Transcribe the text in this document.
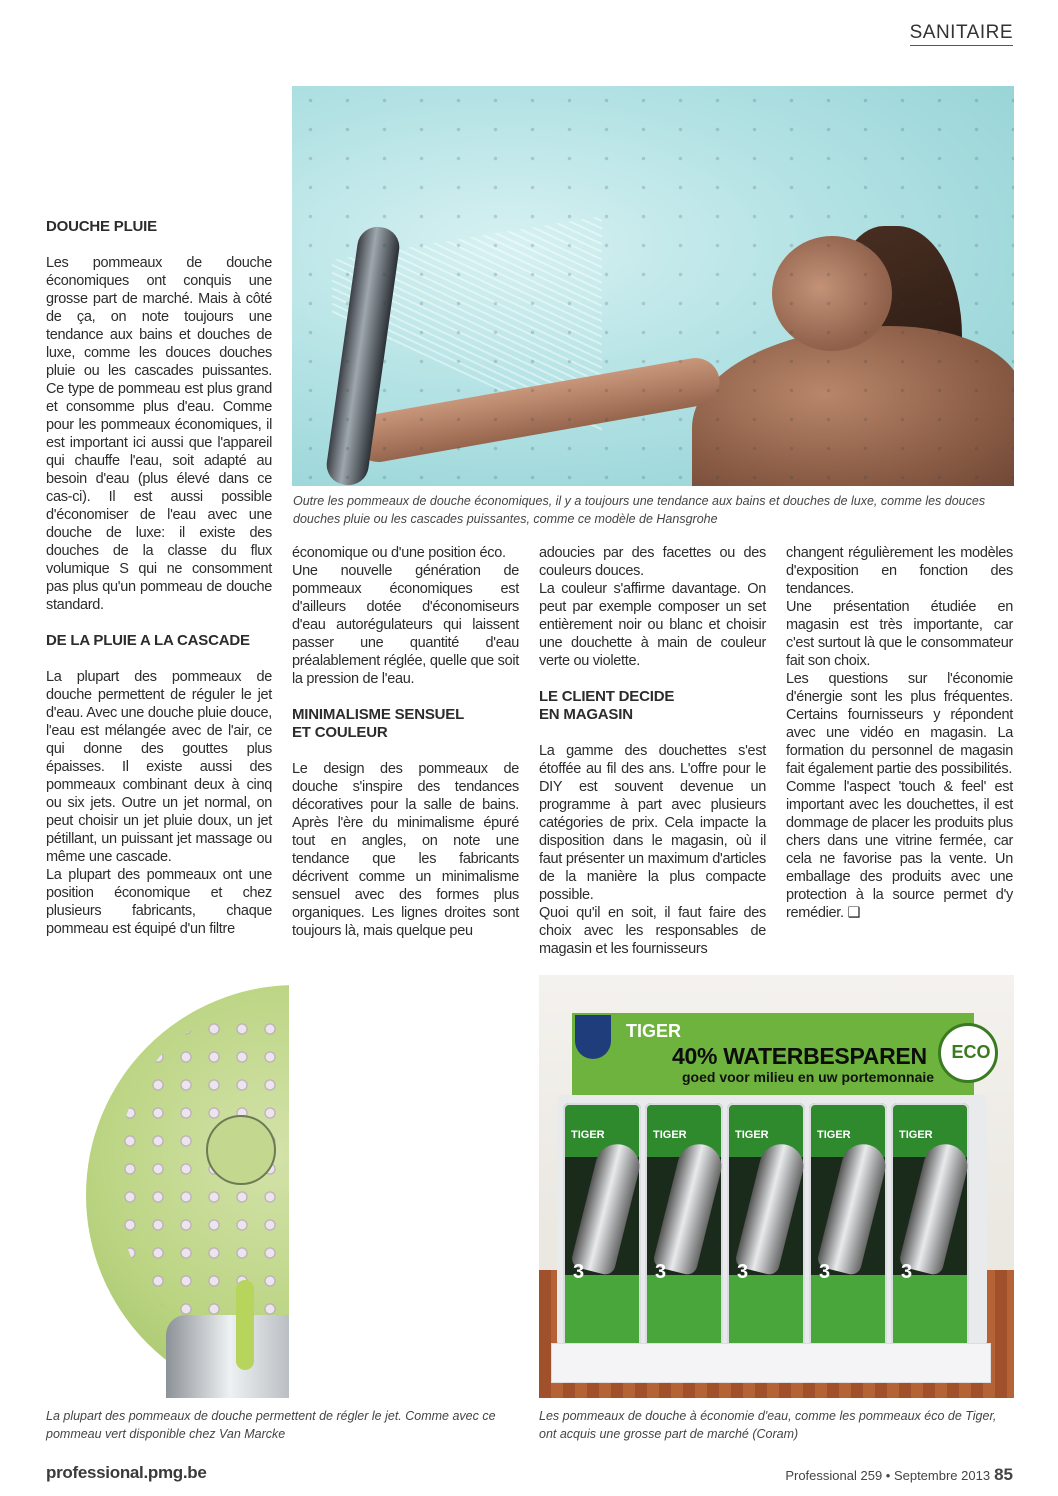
SANITAIRE
Outre les pommeaux de douche économiques, il y a toujours une tendance aux bains et douches de luxe, comme les douces douches pluie ou les cascades puissantes, comme ce modèle de Hansgrohe
DOUCHE PLUIE

Les pommeaux de douche économiques ont conquis une grosse part de marché. Mais à côté de ça, on note toujours une tendance aux bains et douches de luxe, comme les douces douches pluie ou les cascades puissantes. Ce type de pommeau est plus grand et consomme plus d'eau. Comme pour les pommeaux économiques, il est important ici aussi que l'appareil qui chauffe l'eau, soit adapté au besoin d'eau (plus élevé dans ce cas-ci). Il est aussi possible d'économiser de l'eau avec une douche de luxe: il existe des douches de la classe du flux volumique S qui ne consomment pas plus qu'un pommeau de douche standard.

DE LA PLUIE A LA CASCADE

La plupart des pommeaux de douche permettent de réguler le jet d'eau. Avec une douche pluie douce, l'eau est mélangée avec de l'air, ce qui donne des gouttes plus épaisses. Il existe aussi des pommeaux combinant deux à cinq ou six jets. Outre un jet normal, on peut choisir un jet pluie doux, un jet pétillant, un puissant jet massage ou même une cascade.

La plupart des pommeaux ont une position économique et chez plusieurs fabricants, chaque pommeau est équipé d'un filtre

économique ou d'une position éco.

Une nouvelle génération de pommeaux économiques est d'ailleurs dotée d'économiseurs d'eau autorégulateurs qui laissent passer une quantité d'eau préalablement réglée, quelle que soit la pression de l'eau.

MINIMALISME SENSUEL
ET COULEUR

Le design des pommeaux de douche s'inspire des tendances décoratives pour la salle de bains. Après l'ère du minimalisme épuré tout en angles, on note une tendance que les fabricants décrivent comme un minimalisme sensuel avec des formes plus organiques. Les lignes droites sont toujours là, mais quelque peu

adoucies par des facettes ou des couleurs douces.

La couleur s'affirme davantage. On peut par exemple composer un set entièrement noir ou blanc et choisir une douchette à main de couleur verte ou violette.

LE CLIENT DECIDE
EN MAGASIN

La gamme des douchettes s'est étoffée au fil des ans. L'offre pour le DIY est souvent devenue un programme à part avec plusieurs catégories de prix. Cela impacte la disposition dans le magasin, où il faut présenter un maximum d'articles de la manière la plus compacte possible.

Quoi qu'il en soit, il faut faire des choix avec les responsables de magasin et les fournisseurs

changent régulièrement les modèles d'exposition en fonction des tendances.

Une présentation étudiée en magasin est très importante, car c'est surtout là que le consommateur fait son choix.

Les questions sur l'économie d'énergie sont les plus fréquentes. Certains fournisseurs y répondent avec une vidéo en magasin. La formation du personnel de magasin fait également partie des possibilités.

Comme l'aspect 'touch & feel' est important avec les douchettes, il est dommage de placer les produits plus chers dans une vitrine fermée, car cela ne favorise pas la vente. Un emballage des produits avec une protection à la source permet d'y remédier. ❑

La plupart des pommeaux de douche permettent de régler le jet. Comme avec ce pommeau vert disponible chez Van Marcke
TIGER
40% WATERBESPAREN
goed voor milieu en uw portemonnaie
ECO
TIGER
3
TIGER
3
TIGER
3
TIGER
3
TIGER
3
Les pommeaux de douche à économie d'eau, comme les pommeaux éco de Tiger, ont acquis une grosse part de marché (Coram)
professional.pmg.be	Professional 259 • Septembre 2013 85
